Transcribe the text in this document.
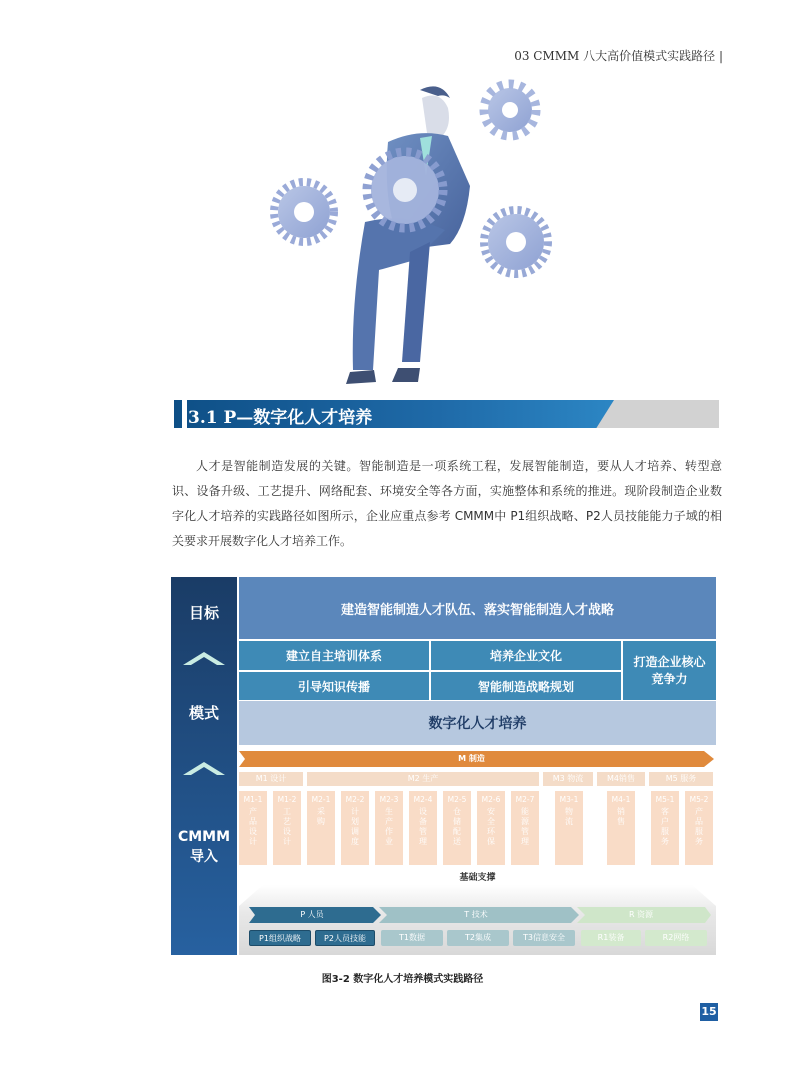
03 CMMM 八大高价值模式实践路径 |
3.1 P—数字化人才培养

人才是智能制造发展的关键。智能制造是一项系统工程，发展智能制造，要从人才培养、转型意识、设备升级、工艺提升、网络配套、环境安全等各方面，实施整体和系统的推进。现阶段制造企业数字化人才培养的实践路径如图所示，企业应重点参考 CMMM中 P1组织战略、P2人员技能能力子域的相关要求开展数字化人才培养工作。

目标
模式
CMMM
导入
建造智能制造人才队伍、落实智能制造人才战略
建立自主培训体系	培养企业文化
引导知识传播	智能制造战略规划
打造企业核心竞争力
数字化人才培养
M 制造
M1 设计	M2 生产	M3 物流	M4销售	M5 服务
M1-1
产品设计
M1-2
工艺设计
M2-1
采购
M2-2
计划调度
M2-3
生产作业
M2-4
设备管理
M2-5
仓储配送
M2-6
安全环保
M2-7
能源管理
M3-1
物流
M4-1
销售
M5-1
客户服务
M5-2
产品服务
基础支撑
P 人员	T 技术	R 资源
P1组织战略	P2人员技能	T1数据	T2集成	T3信息安全	R1装备	R2网络
图3-2 数字化人才培养模式实践路径
15
